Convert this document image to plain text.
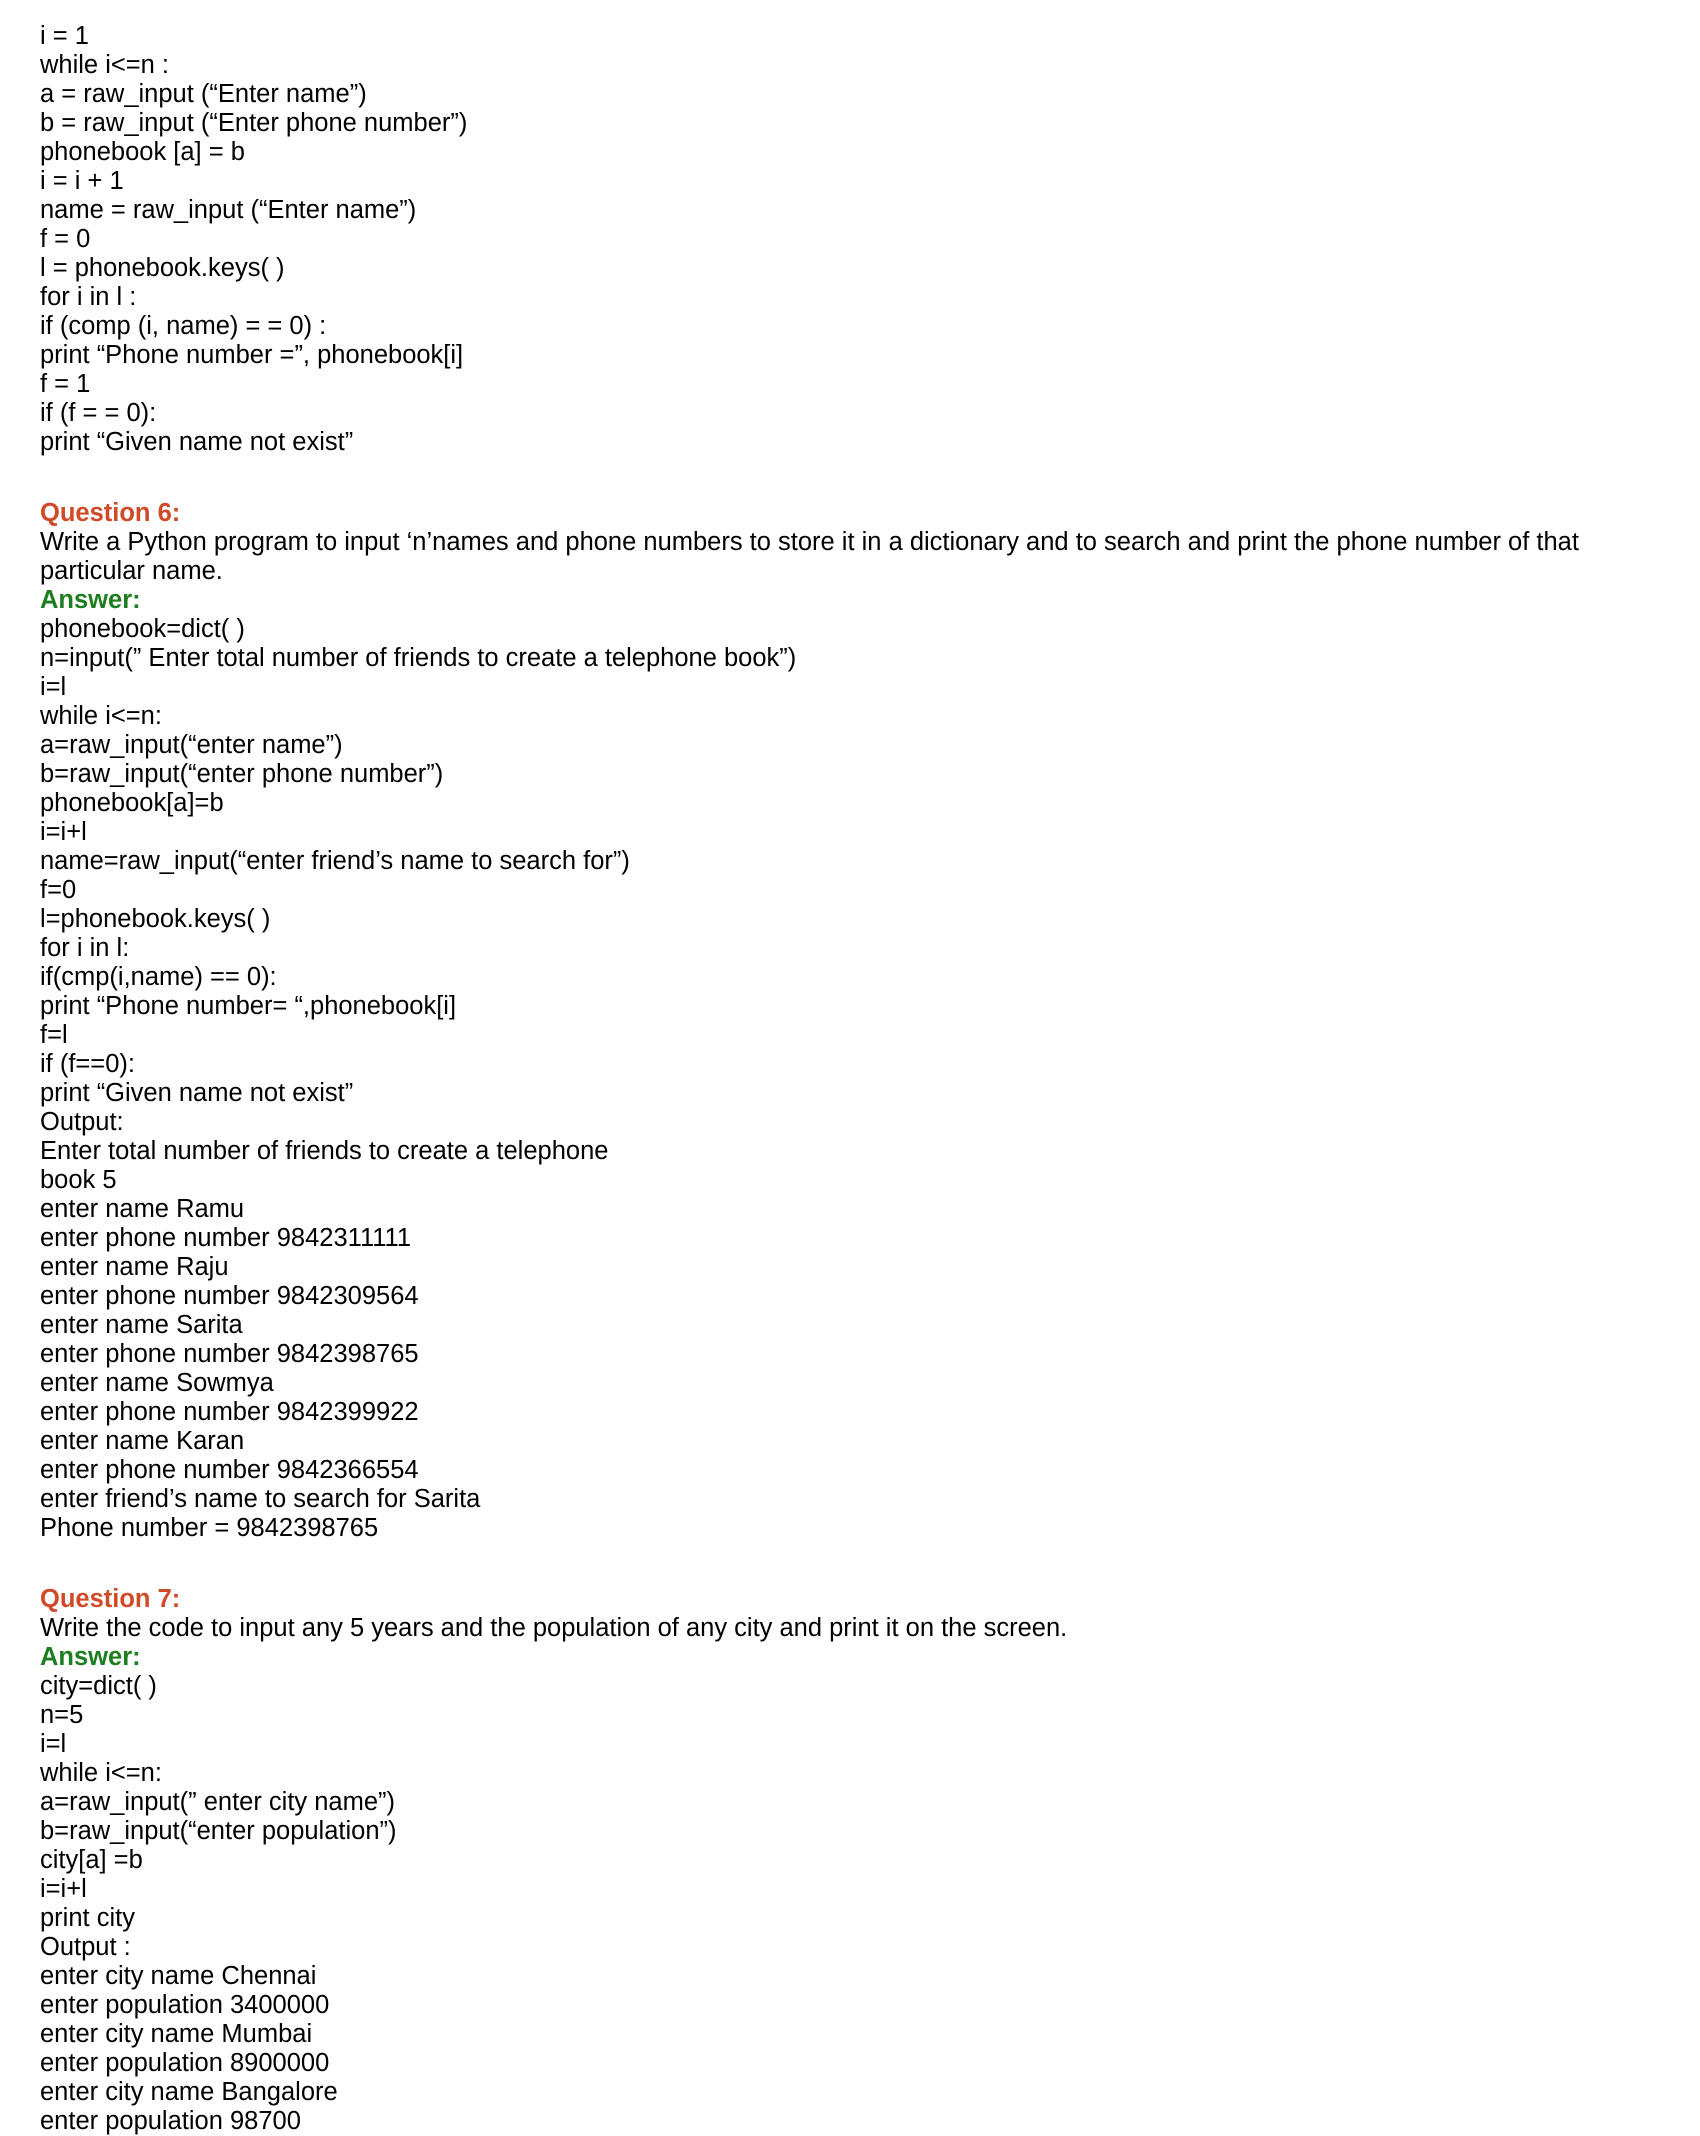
i = 1

while i<=n :

a = raw_input (“Enter name”)

b = raw_input (“Enter phone number”)

phonebook [a] = b

i = i + 1

name = raw_input (“Enter name”)

f = 0

l = phonebook.keys( )

for i in l :

if (comp (i, name) = = 0) :

print “Phone number =”, phonebook[i]

f = 1

if (f = = 0):

print “Given name not exist”

Question 6:

Write a Python program to input ‘n’names and phone numbers to store it in a dictionary and to search and print the phone number of that particular name.

Answer:

phonebook=dict( )

n=input(” Enter total number of friends to create a telephone book”)

i=l

while i<=n:

a=raw_input(“enter name”)

b=raw_input(“enter phone number”)

phonebook[a]=b

i=i+l

name=raw_input(“enter friend’s name to search for”)

f=0

l=phonebook.keys( )

for i in l:

if(cmp(i,name) == 0):

print “Phone number= “,phonebook[i]

f=l

if (f==0):

print “Given name not exist”

Output:

Enter total number of friends to create a telephone

book 5

enter name Ramu

enter phone number 9842311111

enter name Raju

enter phone number 9842309564

enter name Sarita

enter phone number 9842398765

enter name Sowmya

enter phone number 9842399922

enter name Karan

enter phone number 9842366554

enter friend’s name to search for Sarita

Phone number = 9842398765

Question 7:

Write the code to input any 5 years and the population of any city and print it on the screen.

Answer:

city=dict( )

n=5

i=l

while i<=n:

a=raw_input(” enter city name”)

b=raw_input(“enter population”)

city[a] =b

i=i+l

print city

Output :

enter city name Chennai

enter population 3400000

enter city name Mumbai

enter population 8900000

enter city name Bangalore

enter population 98700
